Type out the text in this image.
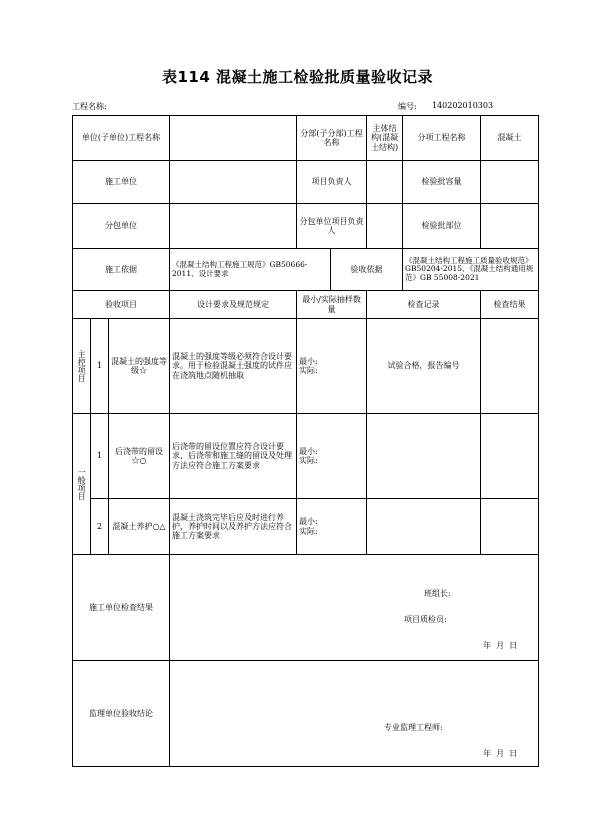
表114 混凝土施工检验批质量验收记录
工程名称:	编号: 140202010303
单位(子单位)工程名称				分部(子分部)工程名称		主体结构(混凝土结构)	分项工程名称	混凝土
施工单位				项目负责人			检验批容量	
分包单位				分包单位项目负责人			检验批部位	
施工依据			《混凝土结构工程施工规范》GB50666-2011、设计要求		验收依据		《混凝土结构工程施工质量验收规范》GB50204-2015、《混凝土结构通用规范》GB 55008-2021	
验收项目			设计要求及规范规定	最小/实际抽样数量		检查记录		检查结果

主控项目	1	混凝土的强度等级☆	混凝土的强度等级必须符合设计要求。用于检验混凝土强度的试件应在浇筑地点随机抽取	最小:
实际:		试验合格，报告编号		

一般项目	1	后浇带的留设☆○	后浇带的留设位置应符合设计要求，后浇带和施工缝的留设及处理方法应符合施工方案要求	最小:
实际:				
	2	混凝土养护○△	混凝土浇筑完毕后应及时进行养护，养护时间以及养护方法应符合施工方案要求	最小:
实际:				
施工单位检查结果			班组长:
项目质检员:
年  月  日					

监理单位验收结论			专业监理工程师:
年  月  日					
